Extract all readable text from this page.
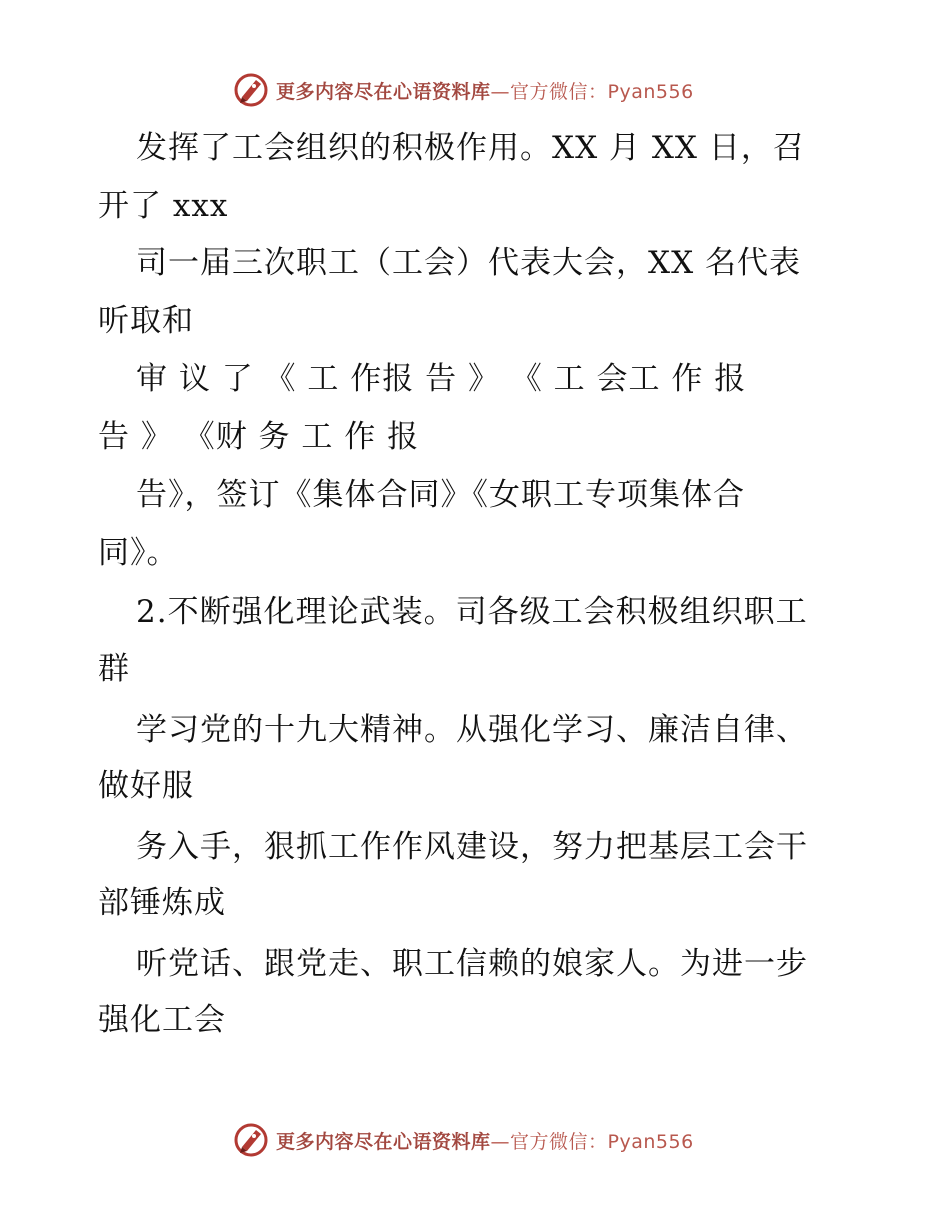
更多内容尽在心语资料库—官方微信：Pyan556
发挥了工会组织的积极作用。XX 月 XX 日，召
开了 xxx
司一届三次职工（工会）代表大会，XX 名代表
听取和
审 议 了 《 工 作报 告 》 《 工 会工 作 报
告 》 《财 务 工 作 报
告》，签订《集体合同》《女职工专项集体合
同》。
2.不断强化理论武装。司各级工会积极组织职工
群
学习党的十九大精神。从强化学习、廉洁自律、
做好服
务入手，狠抓工作作风建设，努力把基层工会干
部锤炼成
听党话、跟党走、职工信赖的娘家人。为进一步
强化工会
更多内容尽在心语资料库—官方微信：Pyan556
